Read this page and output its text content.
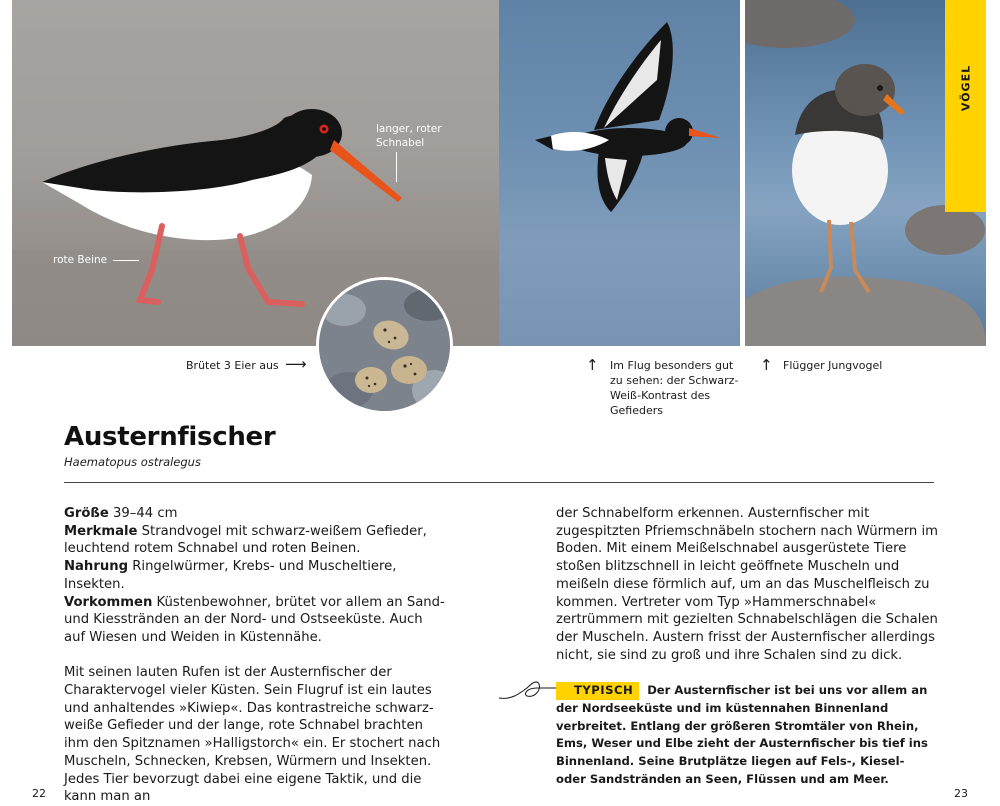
VÖGEL
langer, roter Schnabel
rote Beine
Brütet 3 Eier aus ⟶	↑ Im Flug besonders gut zu sehen: der Schwarz-Weiß-Kontrast des Gefieders
↑ Flügger Jungvogel
Austernfischer
Haematopus ostralegus

Größe 39–44 cm

Merkmale Strandvogel mit schwarz-weißem Gefieder, leuchtend rotem Schnabel und roten Beinen.

Nahrung Ringelwürmer, Krebs- und Muscheltiere, Insekten.

Vorkommen Küstenbewohner, brütet vor allem an Sand- und Kiesstränden an der Nord- und Ostseeküste. Auch auf Wiesen und Weiden in Küstennähe.

Mit seinen lauten Rufen ist der Austernfischer der Charaktervogel vieler Küsten. Sein Flugruf ist ein lautes und anhaltendes »Kiwiep«. Das kontrastreiche schwarz-weiße Gefieder und der lange, rote Schnabel brachten ihm den Spitznamen »Halligstorch« ein. Er stochert nach Muscheln, Schnecken, Krebsen, Würmern und Insekten. Jedes Tier bevorzugt dabei eine eigene Taktik, und die kann man an

der Schnabelform erkennen. Austernfischer mit zugespitzten Pfriemschnäbeln stochern nach Würmern im Boden. Mit einem Meißelschnabel ausgerüstete Tiere stoßen blitzschnell in leicht geöffnete Muscheln und meißeln diese förmlich auf, um an das Muschelfleisch zu kommen. Vertreter vom Typ »Hammerschnabel« zertrümmern mit gezielten Schnabelschlägen die Schalen der Muscheln. Austern frisst der Austernfischer allerdings nicht, sie sind zu groß und ihre Schalen sind zu dick.

TYPISCH Der Austernfischer ist bei uns vor allem an der Nordseeküste und im küstennahen Binnenland verbreitet. Entlang der größeren Stromtäler von Rhein, Ems, Weser und Elbe zieht der Austernfischer bis tief ins Binnenland. Seine Brutplätze liegen auf Fels-, Kiesel- oder Sandstränden an Seen, Flüssen und am Meer.
22	23
